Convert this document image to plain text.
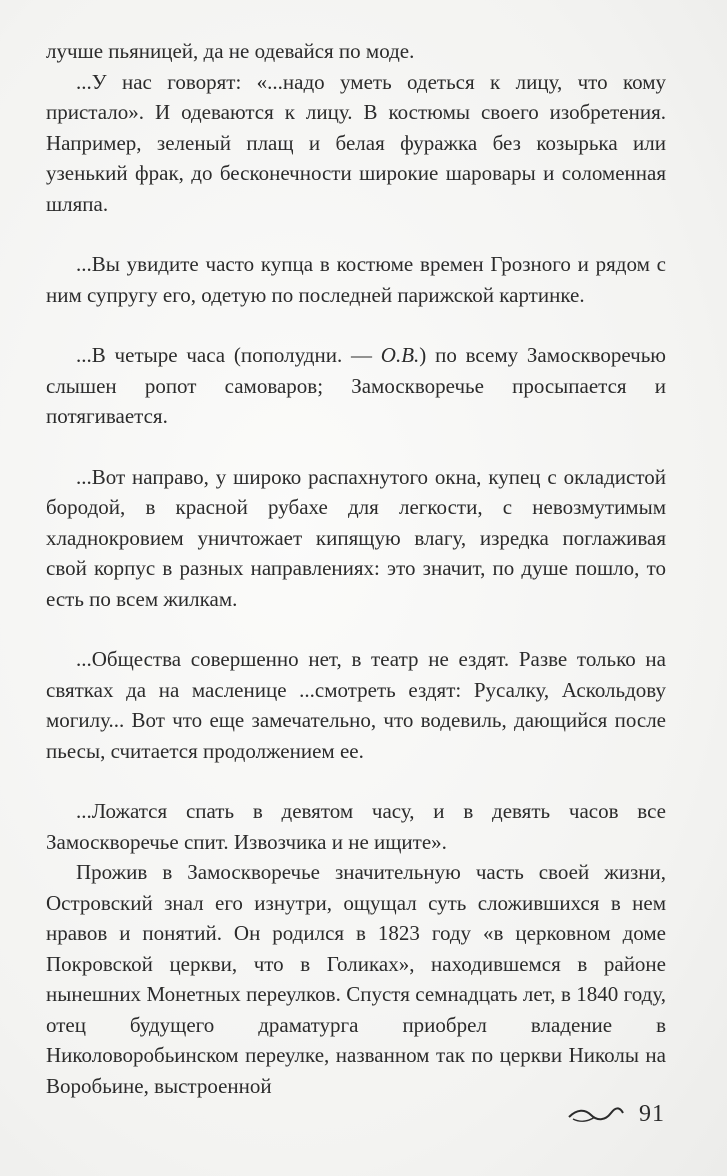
лучше пьяницей, да не одевайся по моде.

...У нас говорят: «...надо уметь одеться к лицу, что кому пристало». И одеваются к лицу. В костюмы своего изобретения. Например, зеленый плащ и белая фуражка без козырька или узенький фрак, до бесконечности широкие шаровары и соломенная шляпа.

...Вы увидите часто купца в костюме времен Грозного и рядом с ним супругу его, одетую по последней парижской картинке.

...В четыре часа (пополудни. — О.В.) по всему Замоскворечью слышен ропот самоваров; Замоскворечье просыпается и потягивается.

...Вот направо, у широко распахнутого окна, купец с окладистой бородой, в красной рубахе для легкости, с невозмутимым хладнокровием уничтожает кипящую влагу, изредка поглаживая свой корпус в разных направлениях: это значит, по душе пошло, то есть по всем жилкам.

...Общества совершенно нет, в театр не ездят. Разве только на святках да на масленице ...смотреть ездят: Русалку, Аскольдову могилу... Вот что еще замечательно, что водевиль, дающийся после пьесы, считается продолжением ее.

...Ложатся спать в девятом часу, и в девять часов все Замоскворечье спит. Извозчика и не ищите».

Прожив в Замоскворечье значительную часть своей жизни, Островский знал его изнутри, ощущал суть сложившихся в нем нравов и понятий. Он родился в 1823 году «в церковном доме Покровской церкви, что в Голиках», находившемся в районе нынешних Монетных переулков. Спустя семнадцать лет, в 1840 году, отец будущего драматурга приобрел владение в Николоворобьинском переулке, названном так по церкви Николы на Воробьине, выстроенной

91
